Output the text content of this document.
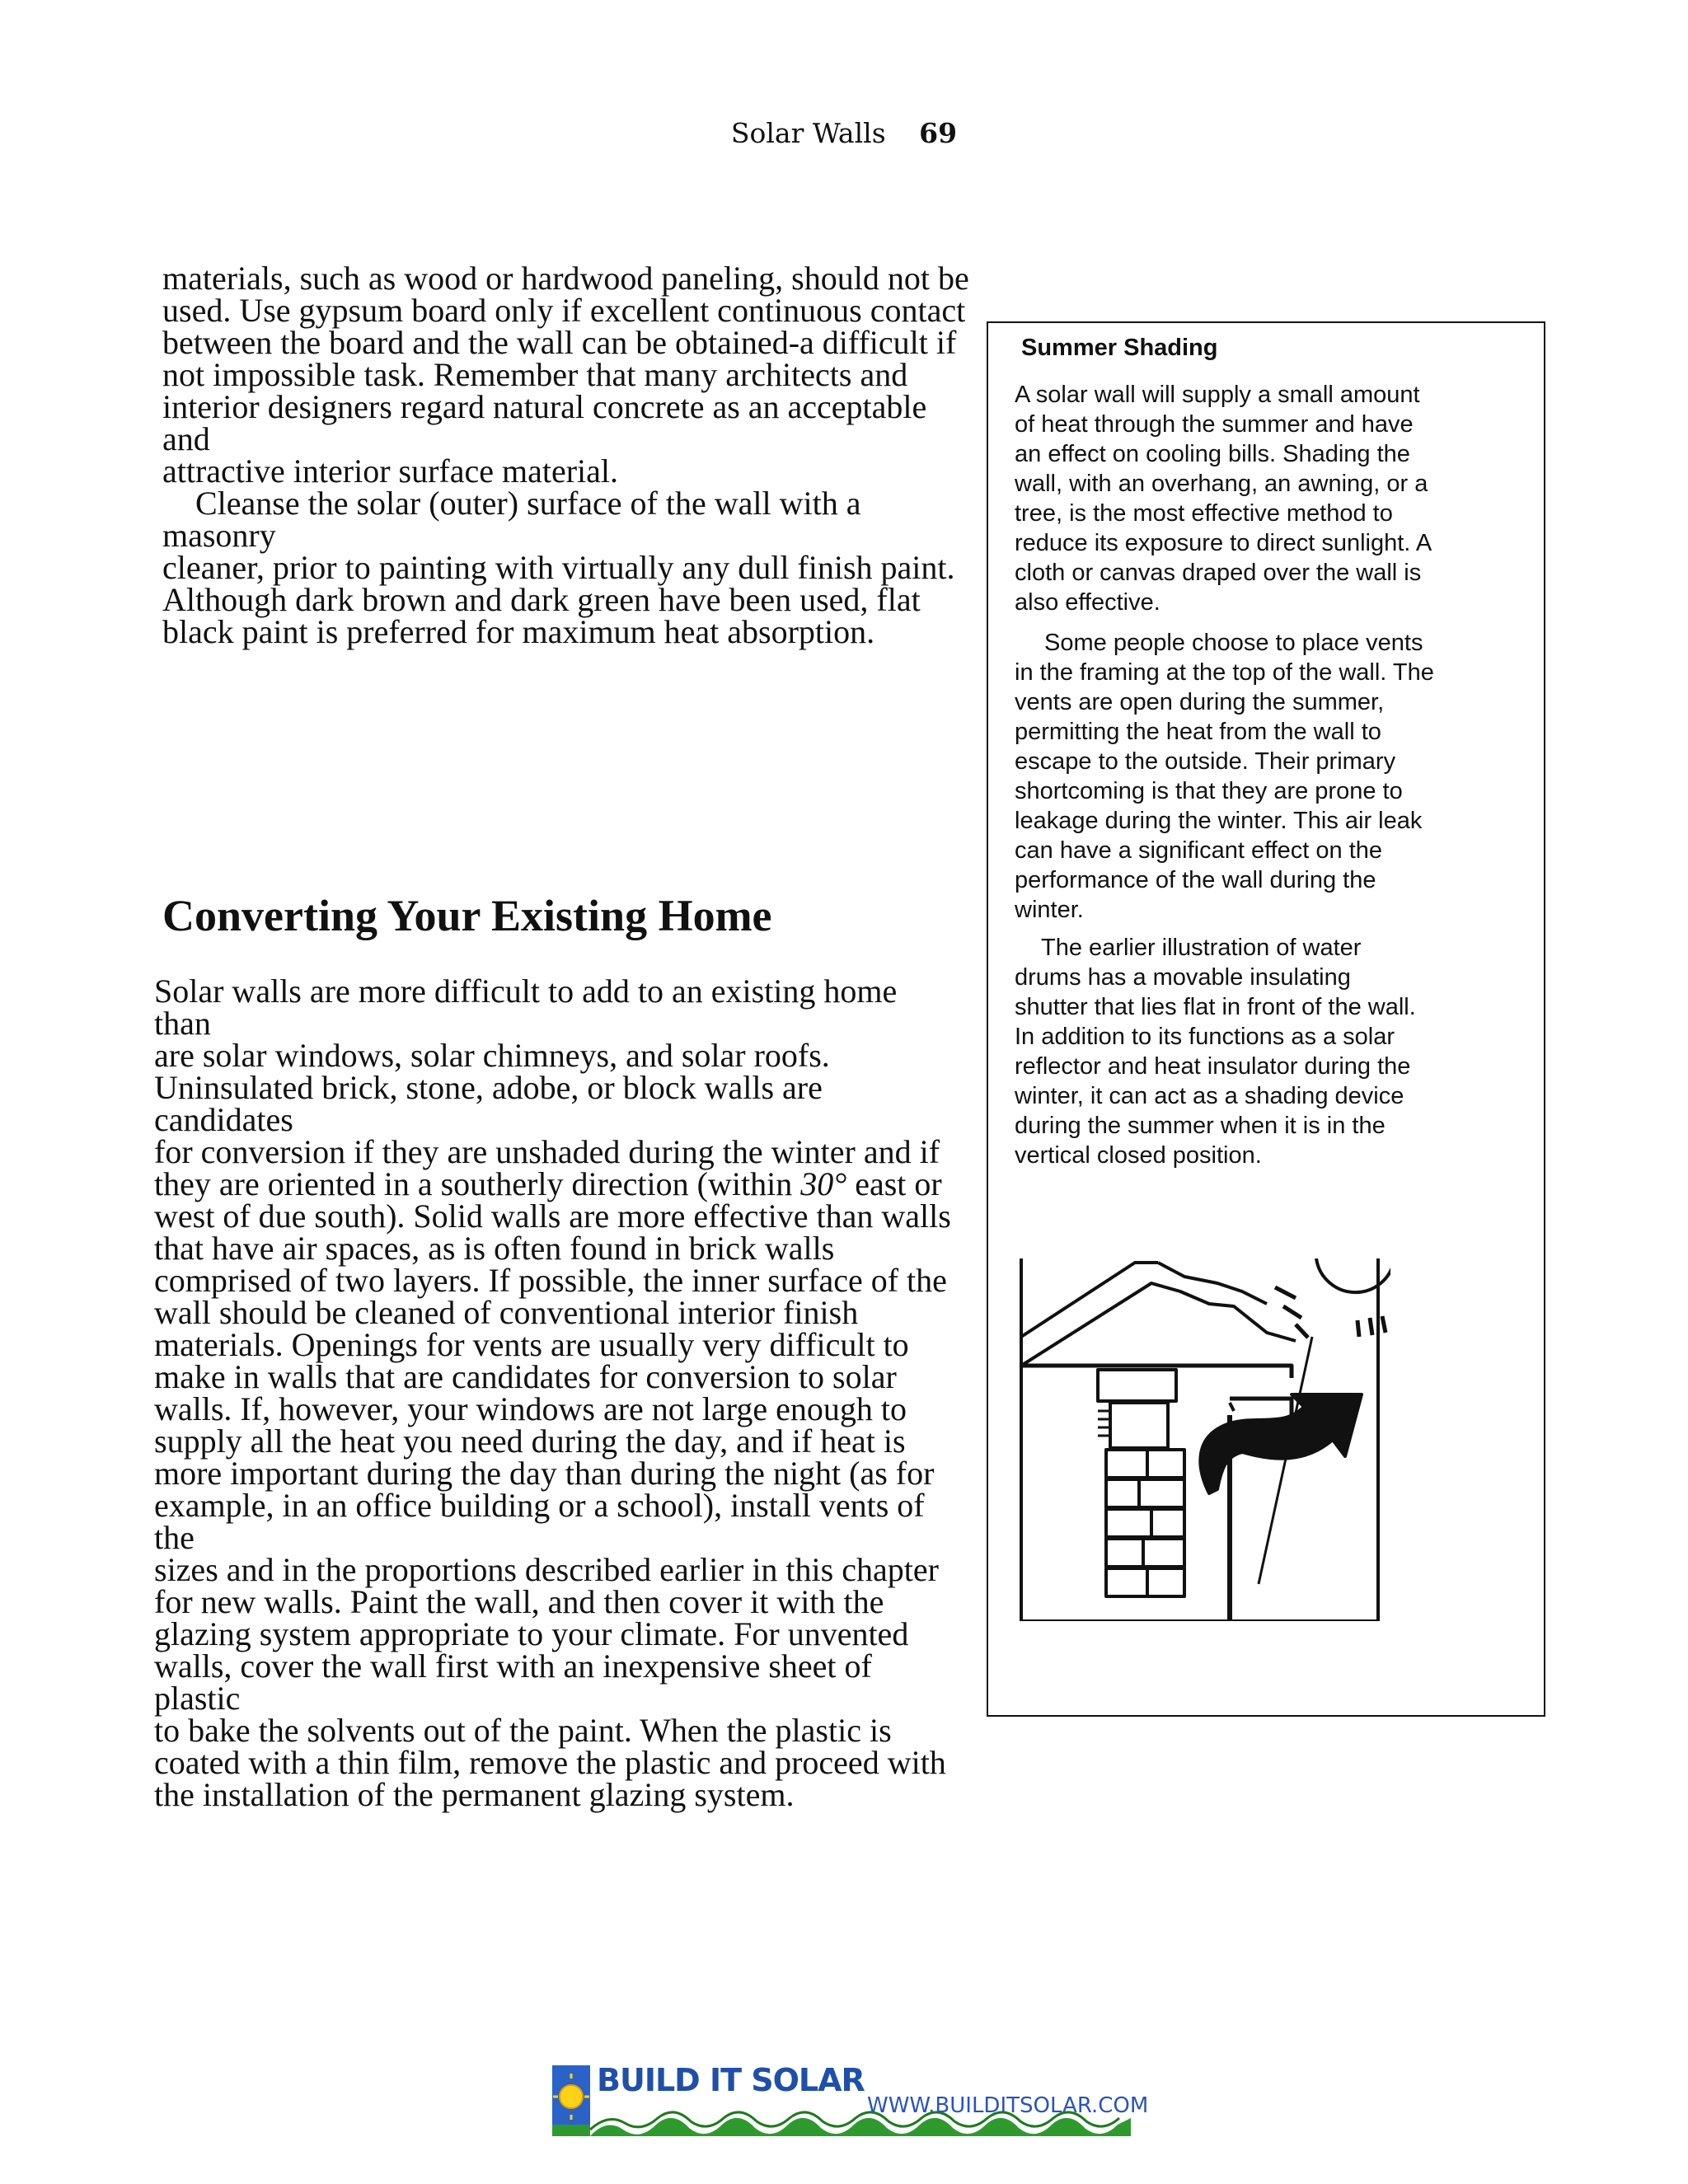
Solar Walls 69

materials, such as wood or hardwood paneling, should not be
used. Use gypsum board only if excellent continuous contact
between the board and the wall can be obtained-a difficult if
not impossible task. Remember that many architects and
interior designers regard natural concrete as an acceptable and
attractive interior surface material.

Cleanse the solar (outer) surface of the wall with a masonry
cleaner, prior to painting with virtually any dull finish paint.
Although dark brown and dark green have been used, flat
black paint is preferred for maximum heat absorption.

Converting Your Existing Home

Solar walls are more difficult to add to an existing home than
are solar windows, solar chimneys, and solar roofs.
Uninsulated brick, stone, adobe, or block walls are candidates
for conversion if they are unshaded during the winter and if
they are oriented in a southerly direction (within 30° east or
west of due south). Solid walls are more effective than walls
that have air spaces, as is often found in brick walls
comprised of two layers. If possible, the inner surface of the
wall should be cleaned of conventional interior finish
materials. Openings for vents are usually very difficult to
make in walls that are candidates for conversion to solar
walls. If, however, your windows are not large enough to
supply all the heat you need during the day, and if heat is
more important during the day than during the night (as for
example, in an office building or a school), install vents of the
sizes and in the proportions described earlier in this chapter
for new walls. Paint the wall, and then cover it with the
glazing system appropriate to your climate. For unvented
walls, cover the wall first with an inexpensive sheet of plastic
to bake the solvents out of the paint. When the plastic is
coated with a thin film, remove the plastic and proceed with
the installation of the permanent glazing system.

Summer Shading

A solar wall will supply a small amount
of heat through the summer and have
an effect on cooling bills. Shading the
wall, with an overhang, an awning, or a
tree, is the most effective method to
reduce its exposure to direct sunlight. A
cloth or canvas draped over the wall is
also effective.

Some people choose to place vents
in the framing at the top of the wall. The
vents are open during the summer,
permitting the heat from the wall to
escape to the outside. Their primary
shortcoming is that they are prone to
leakage during the winter. This air leak
can have a significant effect on the
performance of the wall during the
winter.

The earlier illustration of water
drums has a movable insulating
shutter that lies flat in front of the wall.
In addition to its functions as a solar
reflector and heat insulator during the
winter, it can act as a shading device
during the summer when it is in the
vertical closed position.

BUILD IT SOLAR
WWW.BUILDITSOLAR.COM
